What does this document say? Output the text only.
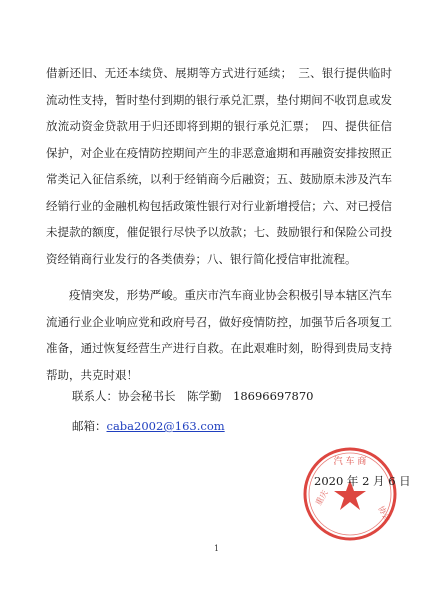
借新还旧、无还本续贷、展期等方式进行延续；　三、银行提供临时流动性支持，暂时垫付到期的银行承兑汇票，垫付期间不收罚息或发放流动资金贷款用于归还即将到期的银行承兑汇票；　四、提供征信保护，对企业在疫情防控期间产生的非恶意逾期和再融资安排按照正常类记入征信系统，以利于经销商今后融资；五、鼓励原未涉及汽车经销行业的金融机构包括政策性银行对行业新增授信；六、对已授信未提款的额度，催促银行尽快予以放款；七、鼓励银行和保险公司投资经销商行业发行的各类债券；八、银行简化授信审批流程。

疫情突发，形势严峻。重庆市汽车商业协会积极引导本辖区汽车流通行业企业响应党和政府号召，做好疫情防控，加强节后各项复工准备，通过恢复经营生产进行自救。在此艰难时刻，盼得到贵局支持帮助，共克时艰！

联系人：协会秘书长　陈学勤　18696697870
邮箱：caba2002@163.com
汽 车 商
重庆
协会
2020 年 2 月 6 日
1
